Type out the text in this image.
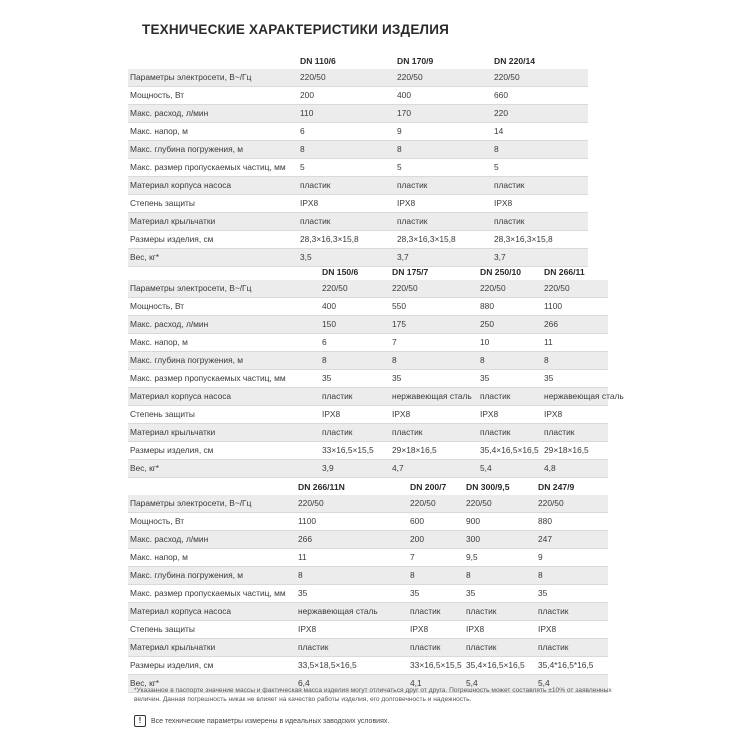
ТЕХНИЧЕСКИЕ ХАРАКТЕРИСТИКИ ИЗДЕЛИЯ
	DN 110/6	DN 170/9	DN 220/14
Параметры электросети, В~/Гц	220/50	220/50	220/50
Мощность, Вт	200	400	660
Макс. расход, л/мин	110	170	220
Макс. напор, м	6	9	14
Макс. глубина погружения, м	8	8	8
Макс. размер пропускаемых частиц, мм	5	5	5
Материал корпуса насоса	пластик	пластик	пластик
Степень защиты	IPX8	IPX8	IPX8
Материал крыльчатки	пластик	пластик	пластик
Размеры изделия, см	28,3×16,3×15,8	28,3×16,3×15,8	28,3×16,3×15,8
Вес, кг*	3,5	3,7	3,7
	DN 150/6	DN 175/7	DN 250/10	DN 266/11
Параметры электросети, В~/Гц	220/50	220/50	220/50	220/50
Мощность, Вт	400	550	880	1100
Макс. расход, л/мин	150	175	250	266
Макс. напор, м	6	7	10	11
Макс. глубина погружения, м	8	8	8	8
Макс. размер пропускаемых частиц, мм	35	35	35	35
Материал корпуса насоса	пластик	нержавеющая сталь	пластик	нержавеющая сталь
Степень защиты	IPX8	IPX8	IPX8	IPX8
Материал крыльчатки	пластик	пластик	пластик	пластик
Размеры изделия, см	33×16,5×15,5	29×18×16,5	35,4×16,5×16,5	29×18×16,5
Вес, кг*	3,9	4,7	5,4	4,8
	DN 266/11N	DN 200/7	DN 300/9,5	DN 247/9
Параметры электросети, В~/Гц	220/50	220/50	220/50	220/50
Мощность, Вт	1100	600	900	880
Макс. расход, л/мин	266	200	300	247
Макс. напор, м	11	7	9,5	9
Макс. глубина погружения, м	8	8	8	8
Макс. размер пропускаемых частиц, мм	35	35	35	35
Материал корпуса насоса	нержавеющая сталь	пластик	пластик	пластик
Степень защиты	IPX8	IPX8	IPX8	IPX8
Материал крыльчатки	пластик	пластик	пластик	пластик
Размеры изделия, см	33,5×18,5×16,5	33×16,5×15,5	35,4×16,5×16,5	35,4*16,5*16,5
Вес, кг*	6,4	4,1	5,4	5,4
*Указанное в паспорте значение массы и фактическая масса изделия могут отличаться друг от друга. Погрешность может составлять ±10% от заявленных величин. Данная погрешность никак не влияет на качество работы изделия, его долговечность и надежность.
!	Все технические параметры измерены в идеальных заводских условиях.
